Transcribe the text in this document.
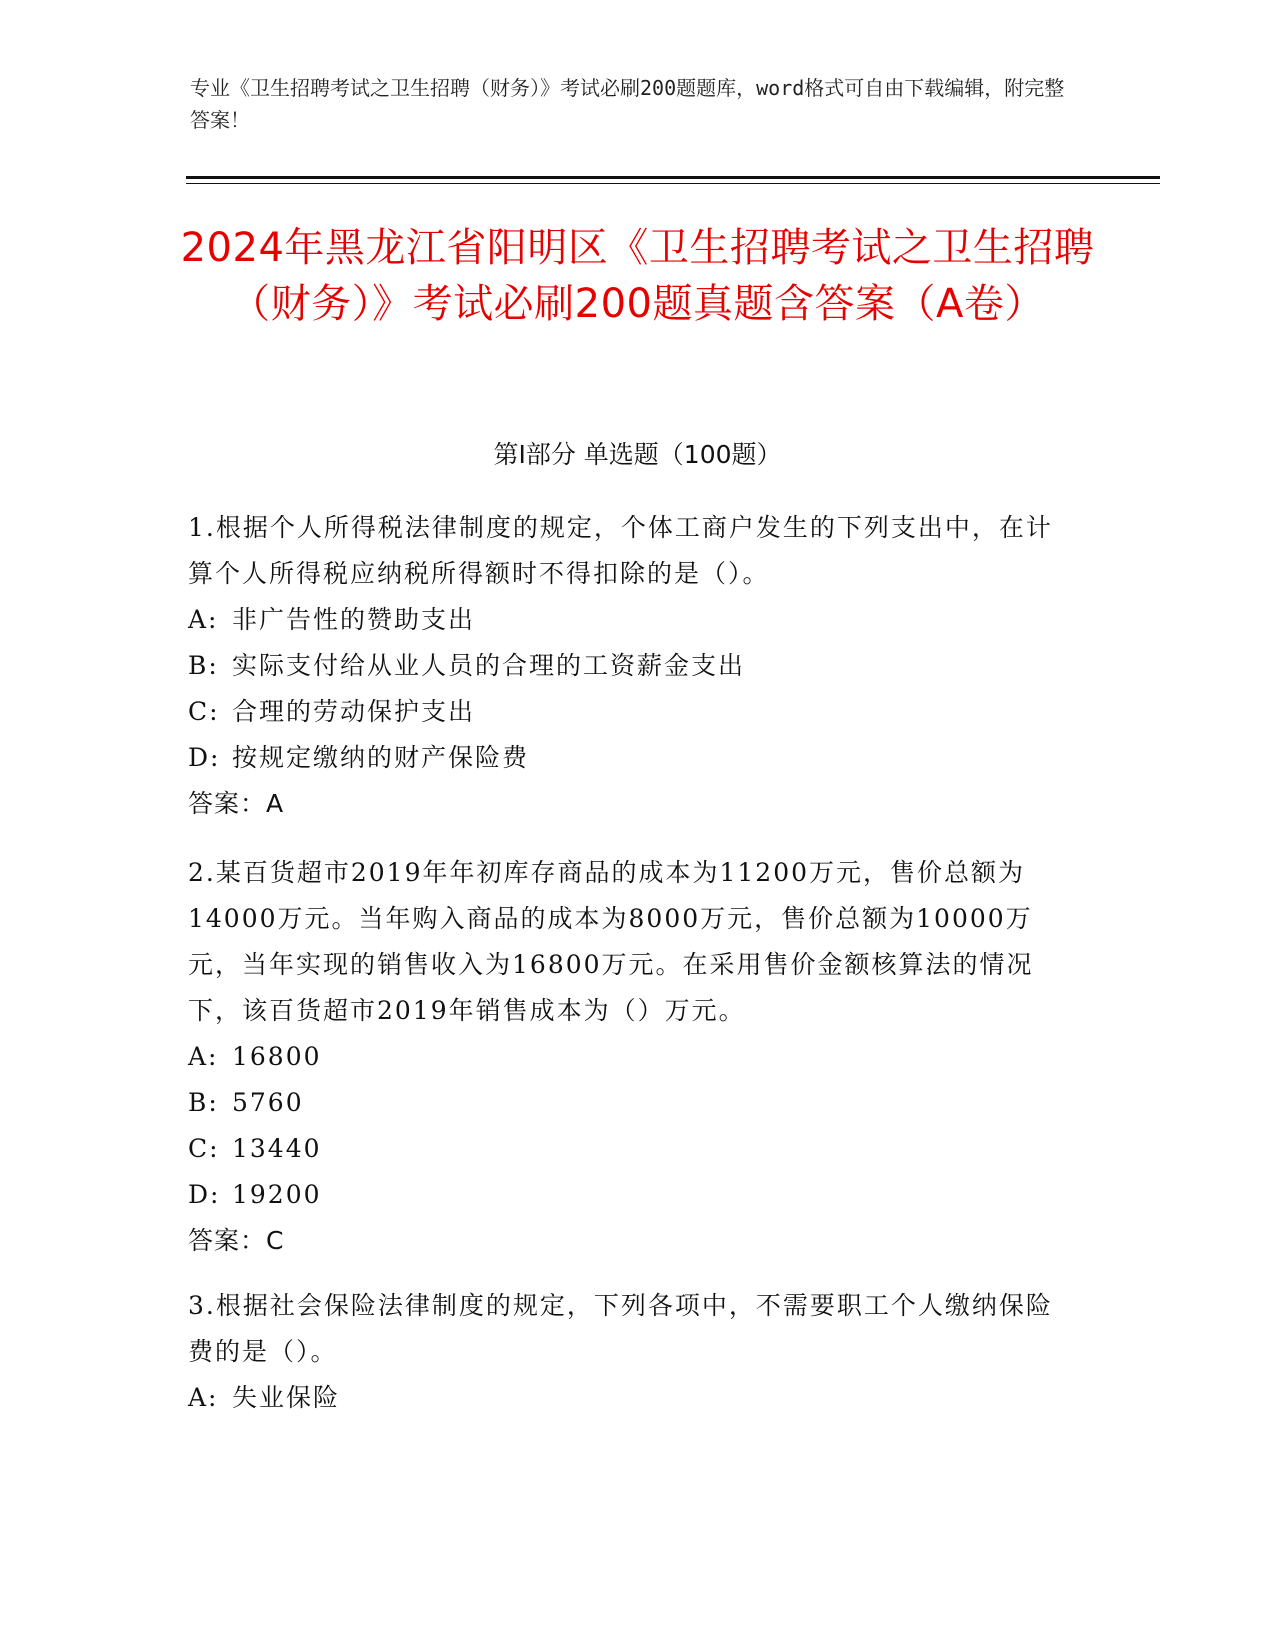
专业《卫生招聘考试之卫生招聘（财务）》考试必刷200题题库，word格式可自由下载编辑，附完整答案！
2024年黑龙江省阳明区《卫生招聘考试之卫生招聘（财务）》考试必刷200题真题含答案（A卷）
第Ⅰ部分 单选题（100题）

1.根据个人所得税法律制度的规定，个体工商户发生的下列支出中，在计算个人所得税应纳税所得额时不得扣除的是（）。

A: 非广告性的赞助支出

B: 实际支付给从业人员的合理的工资薪金支出

C: 合理的劳动保护支出

D: 按规定缴纳的财产保险费

答案：A

2.某百货超市2019年年初库存商品的成本为11200万元，售价总额为14000万元。当年购入商品的成本为8000万元，售价总额为10000万元，当年实现的销售收入为16800万元。在采用售价金额核算法的情况下，该百货超市2019年销售成本为（）万元。

A: 16800

B: 5760

C: 13440

D: 19200

答案：C

3.根据社会保险法律制度的规定，下列各项中，不需要职工个人缴纳保险费的是（）。

A: 失业保险
